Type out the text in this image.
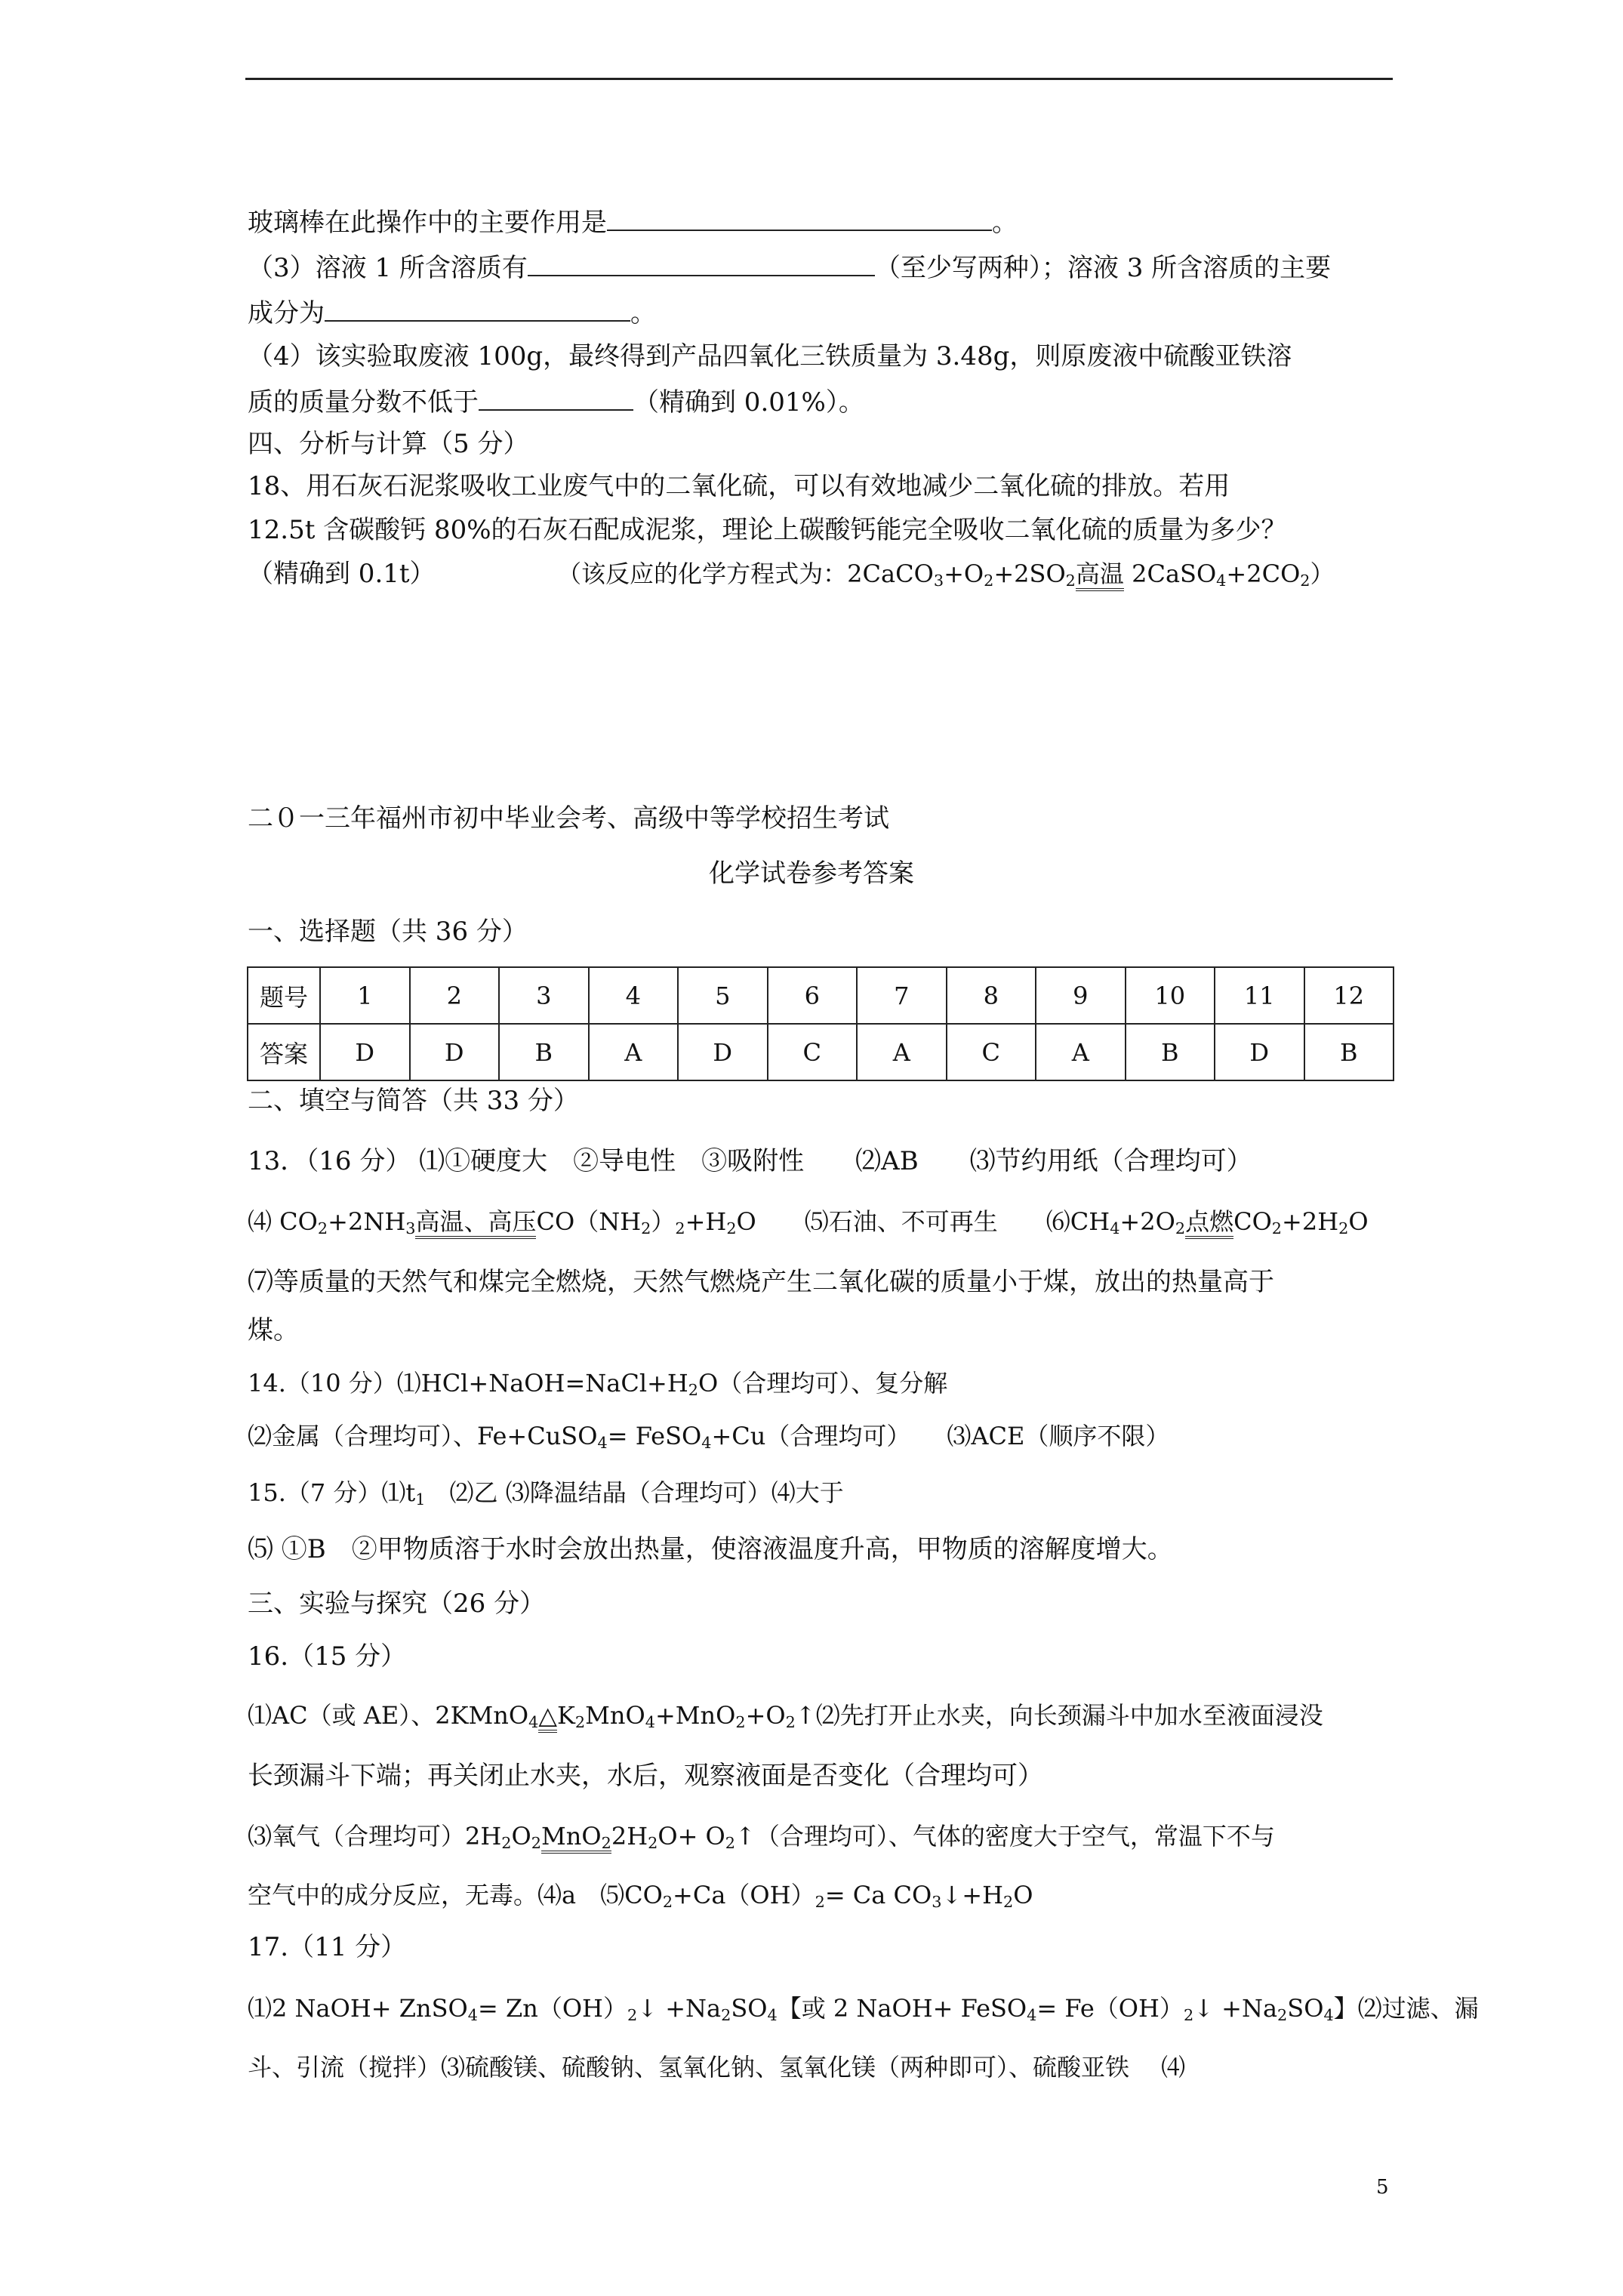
玻璃棒在此操作中的主要作用是	。
（3）溶液 1 所含溶质有	（至少写两种）；溶液 3 所含溶质的主要
成分为	。
（4）该实验取废液 100g，最终得到产品四氧化三铁质量为 3.48g，则原废液中硫酸亚铁溶
质的质量分数不低于	（精确到 0.01%）。
四、分析与计算（5 分）
18、用石灰石泥浆吸收工业废气中的二氧化硫，可以有效地减少二氧化硫的排放。若用
12.5t 含碳酸钙 80%的石灰石配成泥浆，理论上碳酸钙能完全吸收二氧化硫的质量为多少？
（精确到 0.1t）	（该反应的化学方程式为：$2CaCO_3+O_2+2SO_2$高温 $2CaSO_4+2CO_2$）
二０一三年福州市初中毕业会考、高级中等学校招生考试
化学试卷参考答案
一、选择题（共 36 分）
题号	1	2	3	4	5	6	7	8	9	10	11	12
答案	D	D	B	A	D	C	A	C	A	B	D	B
二、填空与简答（共 33 分）
13．（16 分） ⑴①硬度大　②导电性　③吸附性　　⑵AB　　⑶节约用纸（合理均可）
⑷ $CO_2+2NH_3$高温、高压$CO(NH_2)_2+H_2O$　　⑸石油、不可再生　　$⑹CH_4+2O_2$点燃$CO_2+2H_2O$
⑺等质量的天然气和煤完全燃烧，天然气燃烧产生二氧化碳的质量小于煤，放出的热量高于
煤。
14.（10 分）$⑴HCl+NaOH=NaCl+H_2O$（合理均可）、复分解
⑵金属（合理均可）、Fe+CuSO$_4$= FeSO$_4$+Cu（合理均可）　　⑶ACE（顺序不限）
15.（7 分）$⑴t_1$　⑵乙 ⑶降温结晶（合理均可）⑷大于
⑸ ①B　②甲物质溶于水时会放出热量，使溶液温度升高，甲物质的溶解度增大。
三、实验与探究（26 分）
16.（15 分）
⑴AC（或 AE）、$2KMnO_4\triangle K_2MnO_4+MnO_2+O_2↑⑵$先打开止水夹，向长颈漏斗中加水至液面浸没
长颈漏斗下端；再关闭止水夹，水后，观察液面是否变化（合理均可）
⑶氧气（合理均可）$2H_2O_2MnO_22H_2O+$ $O_2↑$（合理均可）、气体的密度大于空气，常温下不与
空气中的成分反应，无毒。⑷a　$⑸CO_2+Ca(OH)_2= Ca$ $CO_3↓+H_2O$
17.（11 分）
⑴2 NaOH+ ZnSO$_4$= $Zn(OH)_2↓ +Na_2SO_4$【或 2 NaOH+ FeSO$_4$= $Fe(OH)_2↓ +Na_2SO_4$】⑵过滤、漏
斗、引流（搅拌）⑶硫酸镁、硫酸钠、氢氧化钠、氢氧化镁（两种即可）、硫酸亚铁　 ⑷
5
